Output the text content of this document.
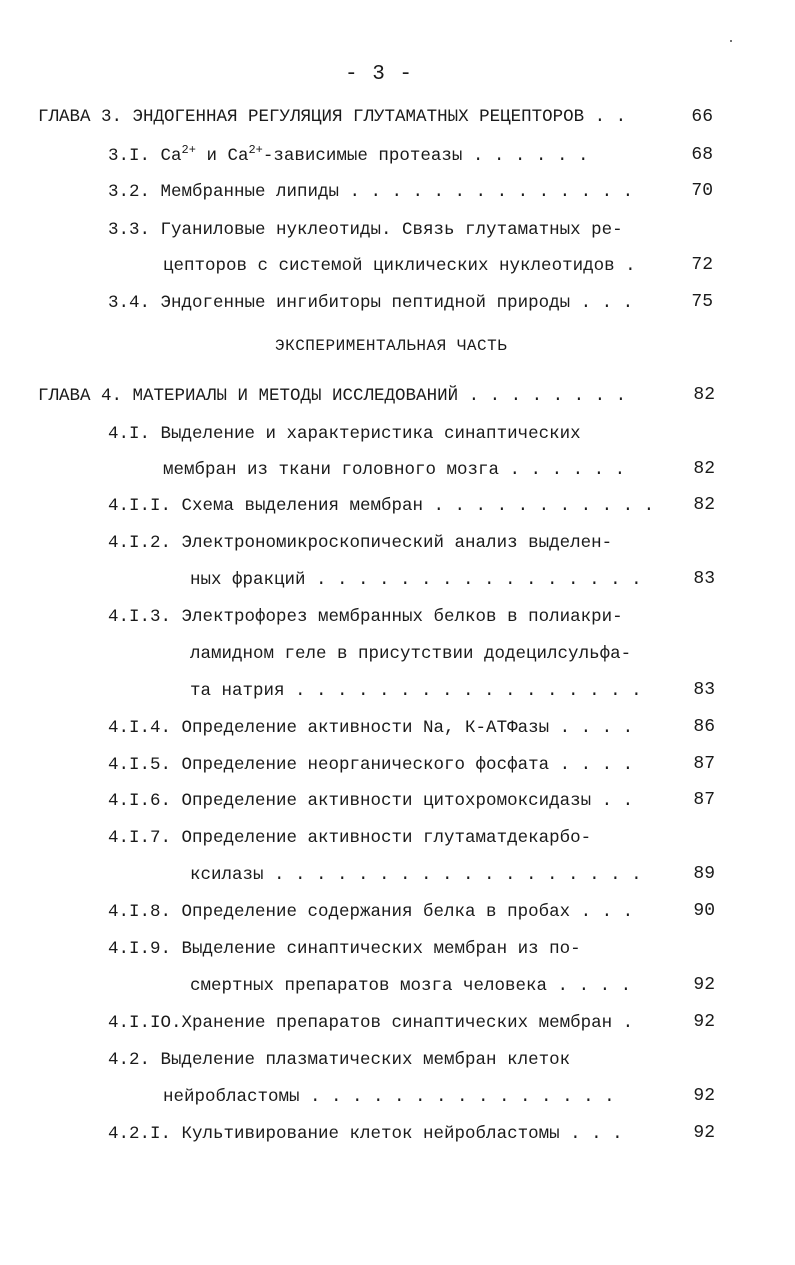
- 3 -
ГЛАВА 3. ЭНДОГЕННАЯ РЕГУЛЯЦИЯ ГЛУТАМАТНЫХ РЕЦЕПТОРОВ . .	66
3.I. $Ca^{2+}$ и $Ca^{2+}$-зависимые протеазы . . . . . .	68
3.2. Мембранные липиды . . . . . . . . . . . . . .	70
3.3. Гуаниловые нуклеотиды. Связь глутаматных ре-
цепторов с системой циклических нуклеотидов .	72
3.4. Эндогенные ингибиторы пептидной природы . . .	75
ЭКСПЕРИМЕНТАЛЬНАЯ ЧАСТЬ
ГЛАВА 4. МАТЕРИАЛЫ И МЕТОДЫ ИССЛЕДОВАНИЙ . . . . . . . .	82
4.I. Выделение и характеристика синаптических
мембран из ткани головного мозга . . . . . .	82
4.I.I. Схема выделения мембран . . . . . . . . . . .	82
4.I.2. Электрономикроскопический анализ выделен-
ных фракций . . . . . . . . . . . . . . . .	83
4.I.3. Электрофорез мембранных белков в полиакри-
ламидном геле в присутствии додецилсульфа-
та натрия . . . . . . . . . . . . . . . . .	83
4.I.4. Определение активности Na, К-АТФазы . . . .	86
4.I.5. Определение неорганического фосфата . . . .	87
4.I.6. Определение активности цитохромоксидазы . .	87
4.I.7. Определение активности глутаматдекарбо-
ксилазы . . . . . . . . . . . . . . . . . .	89
4.I.8. Определение содержания белка в пробах . . .	90
4.I.9. Выделение синаптических мембран из по-
смертных препаратов мозга человека . . . .	92
4.I.IO.Хранение препаратов синаптических мембран .	92
4.2. Выделение плазматических мембран клеток
нейробластомы . . . . . . . . . . . . . . .	92
4.2.I. Культивирование клеток нейробластомы . . .	92
